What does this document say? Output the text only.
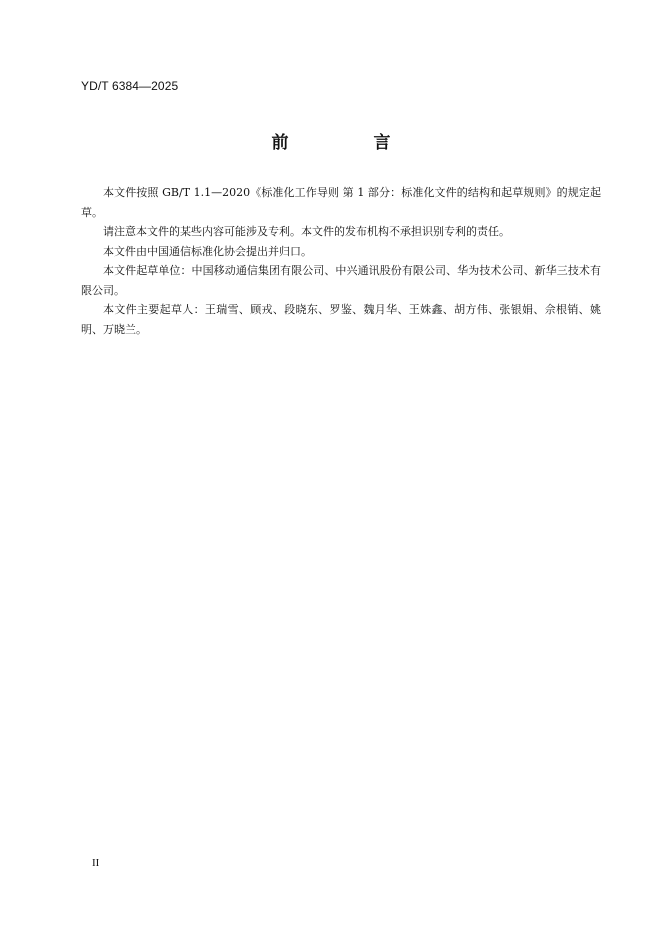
YD/T 6384—2025
前　言

本文件按照 GB/T 1.1—2020《标准化工作导则 第 1 部分：标准化文件的结构和起草规则》的规定起草。

请注意本文件的某些内容可能涉及专利。本文件的发布机构不承担识别专利的责任。

本文件由中国通信标准化协会提出并归口。

本文件起草单位：中国移动通信集团有限公司、中兴通讯股份有限公司、华为技术公司、新华三技术有限公司。

本文件主要起草人：王瑞雪、顾戎、段晓东、罗鉴、魏月华、王姝鑫、胡方伟、张银娟、佘根销、姚明、万晓兰。

II
